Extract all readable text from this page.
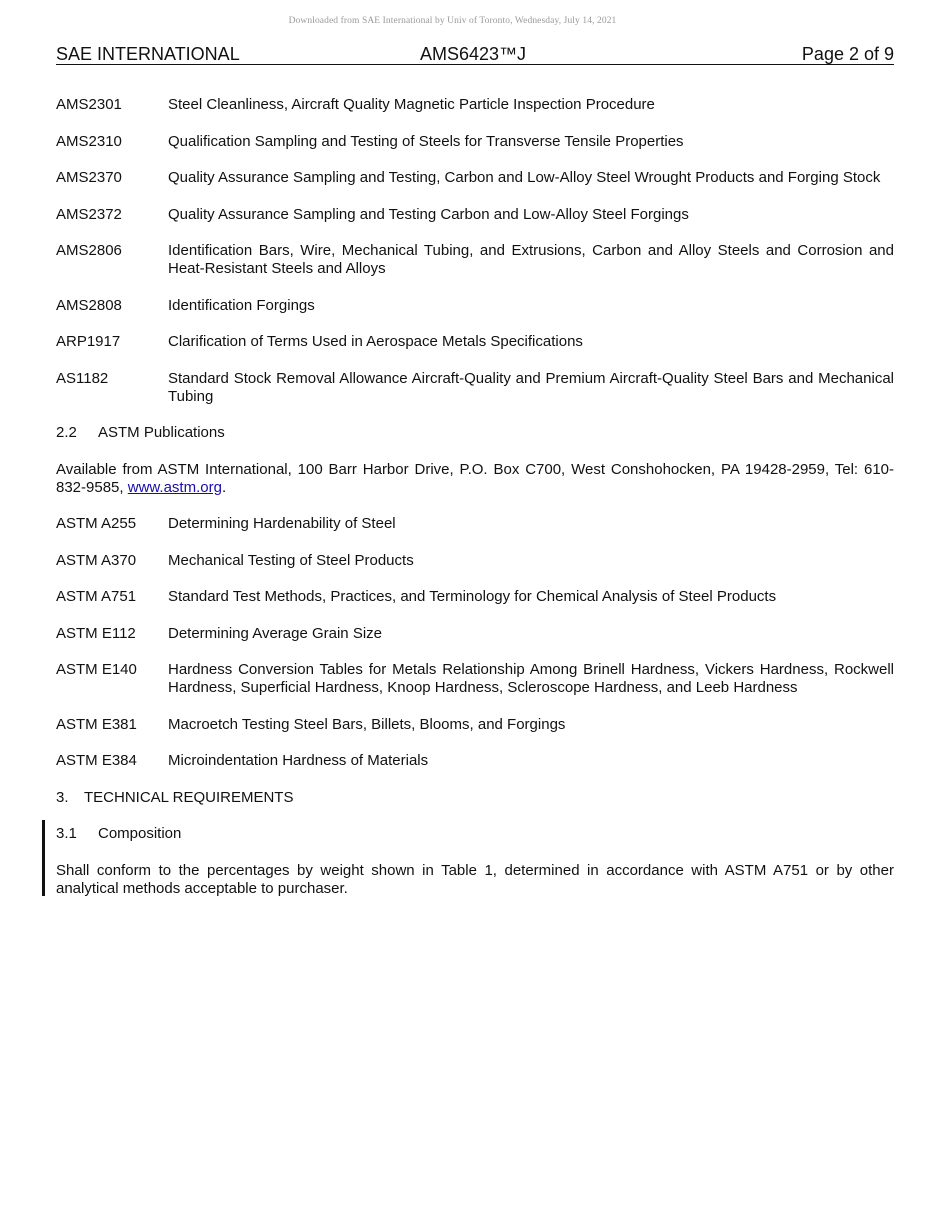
Downloaded from SAE International by Univ of Toronto, Wednesday, July 14, 2021
SAE INTERNATIONAL	AMS6423™J	Page 2 of 9
AMS2301	Steel Cleanliness, Aircraft Quality Magnetic Particle Inspection Procedure
AMS2310	Qualification Sampling and Testing of Steels for Transverse Tensile Properties
AMS2370	Quality Assurance Sampling and Testing, Carbon and Low-Alloy Steel Wrought Products and Forging Stock
AMS2372	Quality Assurance Sampling and Testing Carbon and Low-Alloy Steel Forgings
AMS2806	Identification Bars, Wire, Mechanical Tubing, and Extrusions, Carbon and Alloy Steels and Corrosion and Heat-Resistant Steels and Alloys
AMS2808	Identification Forgings
ARP1917	Clarification of Terms Used in Aerospace Metals Specifications
AS1182	Standard Stock Removal Allowance Aircraft-Quality and Premium Aircraft-Quality Steel Bars and Mechanical Tubing
2.2 ASTM Publications
Available from ASTM International, 100 Barr Harbor Drive, P.O. Box C700, West Conshohocken, PA 19428-2959, Tel: 610-832-9585, www.astm.org.
ASTM A255	Determining Hardenability of Steel
ASTM A370	Mechanical Testing of Steel Products
ASTM A751	Standard Test Methods, Practices, and Terminology for Chemical Analysis of Steel Products
ASTM E112	Determining Average Grain Size
ASTM E140	Hardness Conversion Tables for Metals Relationship Among Brinell Hardness, Vickers Hardness, Rockwell Hardness, Superficial Hardness, Knoop Hardness, Scleroscope Hardness, and Leeb Hardness
ASTM E381	Macroetch Testing Steel Bars, Billets, Blooms, and Forgings
ASTM E384	Microindentation Hardness of Materials
3. TECHNICAL REQUIREMENTS
3.1 Composition
Shall conform to the percentages by weight shown in Table 1, determined in accordance with ASTM A751 or by other analytical methods acceptable to purchaser.
